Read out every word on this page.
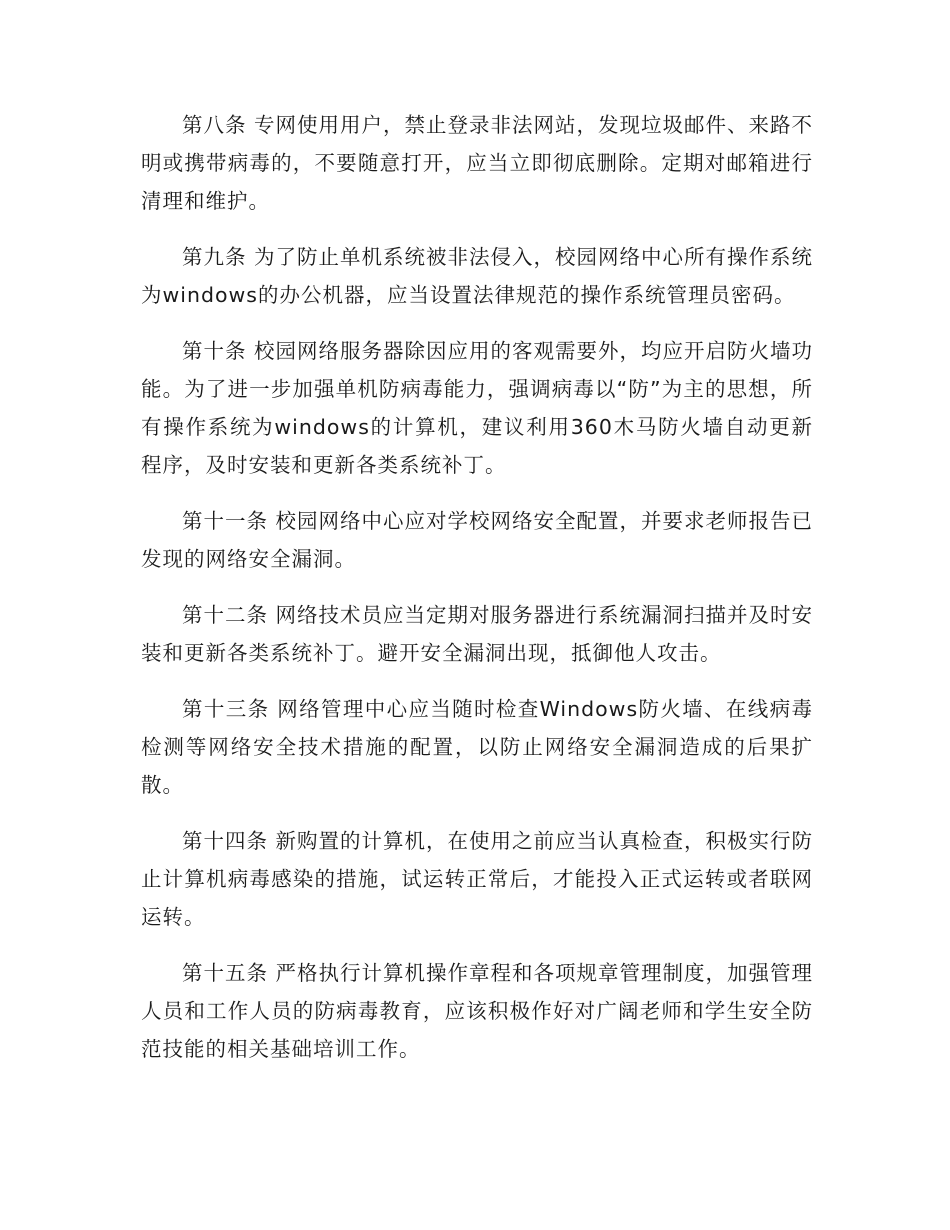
第八条 专网使用用户，禁止登录非法网站，发现垃圾邮件、来路不明或携带病毒的，不要随意打开，应当立即彻底删除。定期对邮箱进行清理和维护。

第九条 为了防止单机系统被非法侵入，校园网络中心所有操作系统为windows的办公机器，应当设置法律规范的操作系统管理员密码。

第十条 校园网络服务器除因应用的客观需要外，均应开启防火墙功能。为了进一步加强单机防病毒能力，强调病毒以“防”为主的思想，所有操作系统为windows的计算机，建议利用360木马防火墙自动更新程序，及时安装和更新各类系统补丁。

第十一条 校园网络中心应对学校网络安全配置，并要求老师报告已发现的网络安全漏洞。

第十二条 网络技术员应当定期对服务器进行系统漏洞扫描并及时安装和更新各类系统补丁。避开安全漏洞出现，抵御他人攻击。

第十三条 网络管理中心应当随时检查Windows防火墙、在线病毒检测等网络安全技术措施的配置，以防止网络安全漏洞造成的后果扩散。

第十四条 新购置的计算机，在使用之前应当认真检查，积极实行防止计算机病毒感染的措施，试运转正常后，才能投入正式运转或者联网运转。

第十五条 严格执行计算机操作章程和各项规章管理制度，加强管理人员和工作人员的防病毒教育，应该积极作好对广阔老师和学生安全防范技能的相关基础培训工作。
